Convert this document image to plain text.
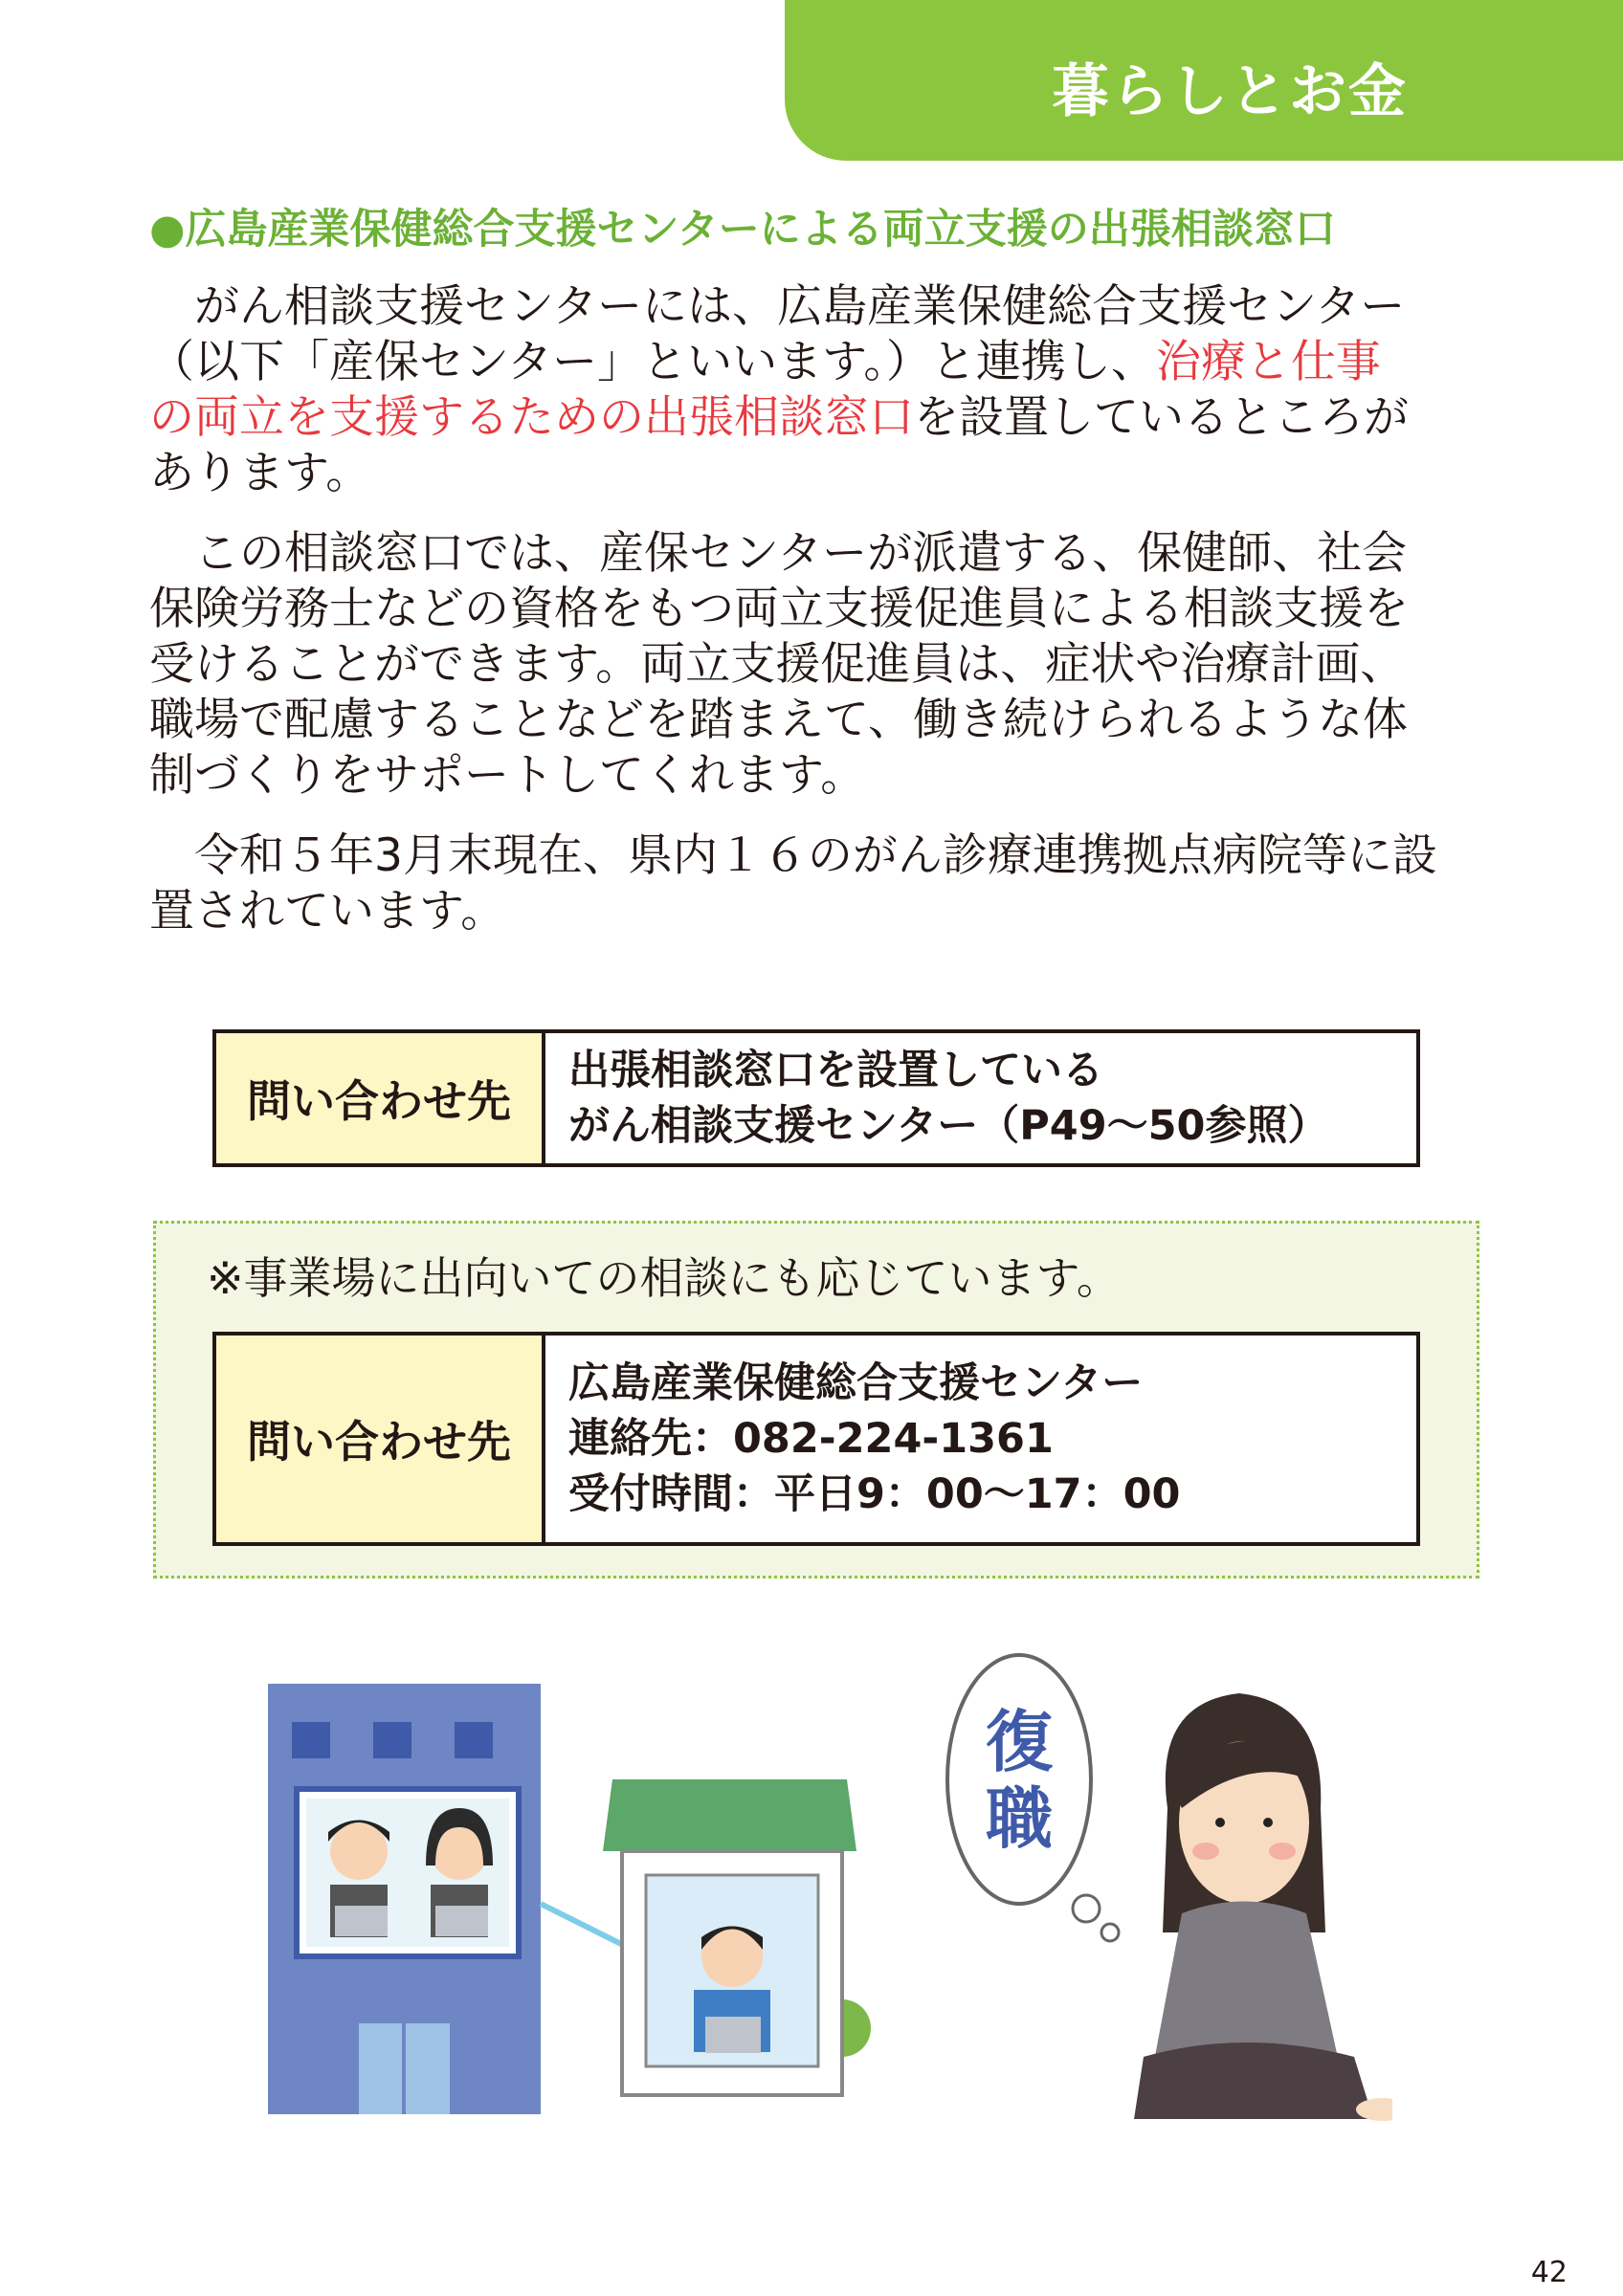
暮らしとお金
●広島産業保健総合支援センターによる両立支援の出張相談窓口
がん相談支援センターには、広島産業保健総合支援センター
（以下「産保センター」といいます。）と連携し、治療と仕事
の両立を支援するための出張相談窓口を設置しているところが
あります。
この相談窓口では、産保センターが派遣する、保健師、社会
保険労務士などの資格をもつ両立支援促進員による相談支援を
受けることができます。両立支援促進員は、症状や治療計画、
職場で配慮することなどを踏まえて、働き続けられるような体
制づくりをサポートしてくれます。
令和５年3月末現在、県内１６のがん診療連携拠点病院等に設
置されています。
問い合わせ先
出張相談窓口を設置している
がん相談支援センター（P49～50参照）
※事業場に出向いての相談にも応じています。
問い合わせ先
広島産業保健総合支援センター
連絡先：082-224-1361
受付時間：平日9：00～17：00
復
職
42
